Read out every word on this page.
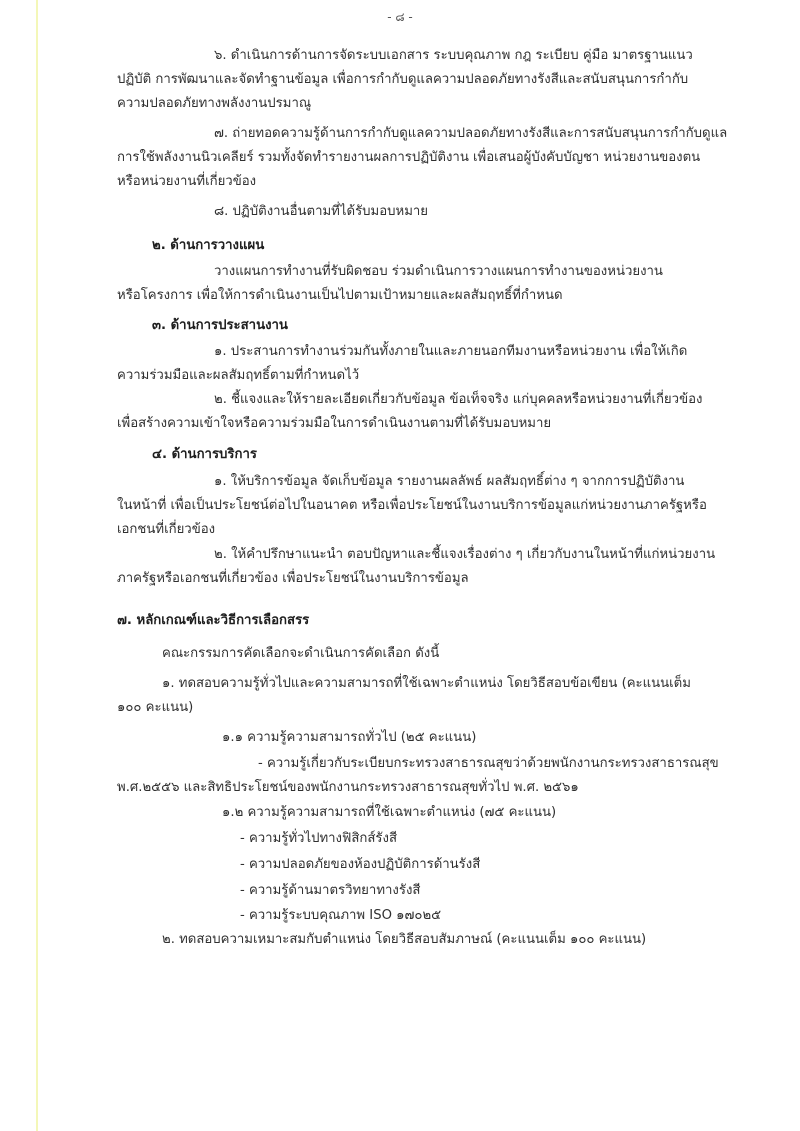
- ๘ -
๖. ดำเนินการด้านการจัดระบบเอกสาร ระบบคุณภาพ กฎ ระเบียบ คู่มือ มาตรฐานแนว
ปฏิบัติ การพัฒนาและจัดทำฐานข้อมูล เพื่อการกำกับดูแลความปลอดภัยทางรังสีและสนับสนุนการกำกับ
ความปลอดภัยทางพลังงานปรมาณู
๗. ถ่ายทอดความรู้ด้านการกำกับดูแลความปลอดภัยทางรังสีและการสนับสนุนการกำกับดูแล
การใช้พลังงานนิวเคลียร์ รวมทั้งจัดทำรายงานผลการปฏิบัติงาน เพื่อเสนอผู้บังคับบัญชา หน่วยงานของตน
หรือหน่วยงานที่เกี่ยวข้อง
๘. ปฏิบัติงานอื่นตามที่ได้รับมอบหมาย
๒. ด้านการวางแผน
วางแผนการทำงานที่รับผิดชอบ ร่วมดำเนินการวางแผนการทำงานของหน่วยงาน
หรือโครงการ เพื่อให้การดำเนินงานเป็นไปตามเป้าหมายและผลสัมฤทธิ์ที่กำหนด
๓. ด้านการประสานงาน
๑. ประสานการทำงานร่วมกันทั้งภายในและภายนอกทีมงานหรือหน่วยงาน เพื่อให้เกิด
ความร่วมมือและผลสัมฤทธิ์ตามที่กำหนดไว้
๒. ชี้แจงและให้รายละเอียดเกี่ยวกับข้อมูล ข้อเท็จจริง แก่บุคคลหรือหน่วยงานที่เกี่ยวข้อง
เพื่อสร้างความเข้าใจหรือความร่วมมือในการดำเนินงานตามที่ได้รับมอบหมาย
๔. ด้านการบริการ
๑. ให้บริการข้อมูล จัดเก็บข้อมูล รายงานผลลัพธ์ ผลสัมฤทธิ์ต่าง ๆ จากการปฏิบัติงาน
ในหน้าที่ เพื่อเป็นประโยชน์ต่อไปในอนาคต หรือเพื่อประโยชน์ในงานบริการข้อมูลแก่หน่วยงานภาครัฐหรือ
เอกชนที่เกี่ยวข้อง
๒. ให้คำปรึกษาแนะนำ ตอบปัญหาและชี้แจงเรื่องต่าง ๆ เกี่ยวกับงานในหน้าที่แก่หน่วยงาน
ภาครัฐหรือเอกชนที่เกี่ยวข้อง เพื่อประโยชน์ในงานบริการข้อมูล
๗. หลักเกณฑ์และวิธีการเลือกสรร
คณะกรรมการคัดเลือกจะดำเนินการคัดเลือก ดังนี้
๑. ทดสอบความรู้ทั่วไปและความสามารถที่ใช้เฉพาะตำแหน่ง โดยวิธีสอบข้อเขียน (คะแนนเต็ม
๑๐๐ คะแนน)
๑.๑ ความรู้ความสามารถทั่วไป (๒๕ คะแนน)
- ความรู้เกี่ยวกับระเบียบกระทรวงสาธารณสุขว่าด้วยพนักงานกระทรวงสาธารณสุข
พ.ศ.๒๕๕๖ และสิทธิประโยชน์ของพนักงานกระทรวงสาธารณสุขทั่วไป พ.ศ. ๒๕๖๑
๑.๒ ความรู้ความสามารถที่ใช้เฉพาะตำแหน่ง (๗๕ คะแนน)
- ความรู้ทั่วไปทางฟิสิกส์รังสี
- ความปลอดภัยของห้องปฏิบัติการด้านรังสี
- ความรู้ด้านมาตรวิทยาทางรังสี
- ความรู้ระบบคุณภาพ ISO ๑๗๐๒๕
๒. ทดสอบความเหมาะสมกับตำแหน่ง โดยวิธีสอบสัมภาษณ์ (คะแนนเต็ม ๑๐๐ คะแนน)
